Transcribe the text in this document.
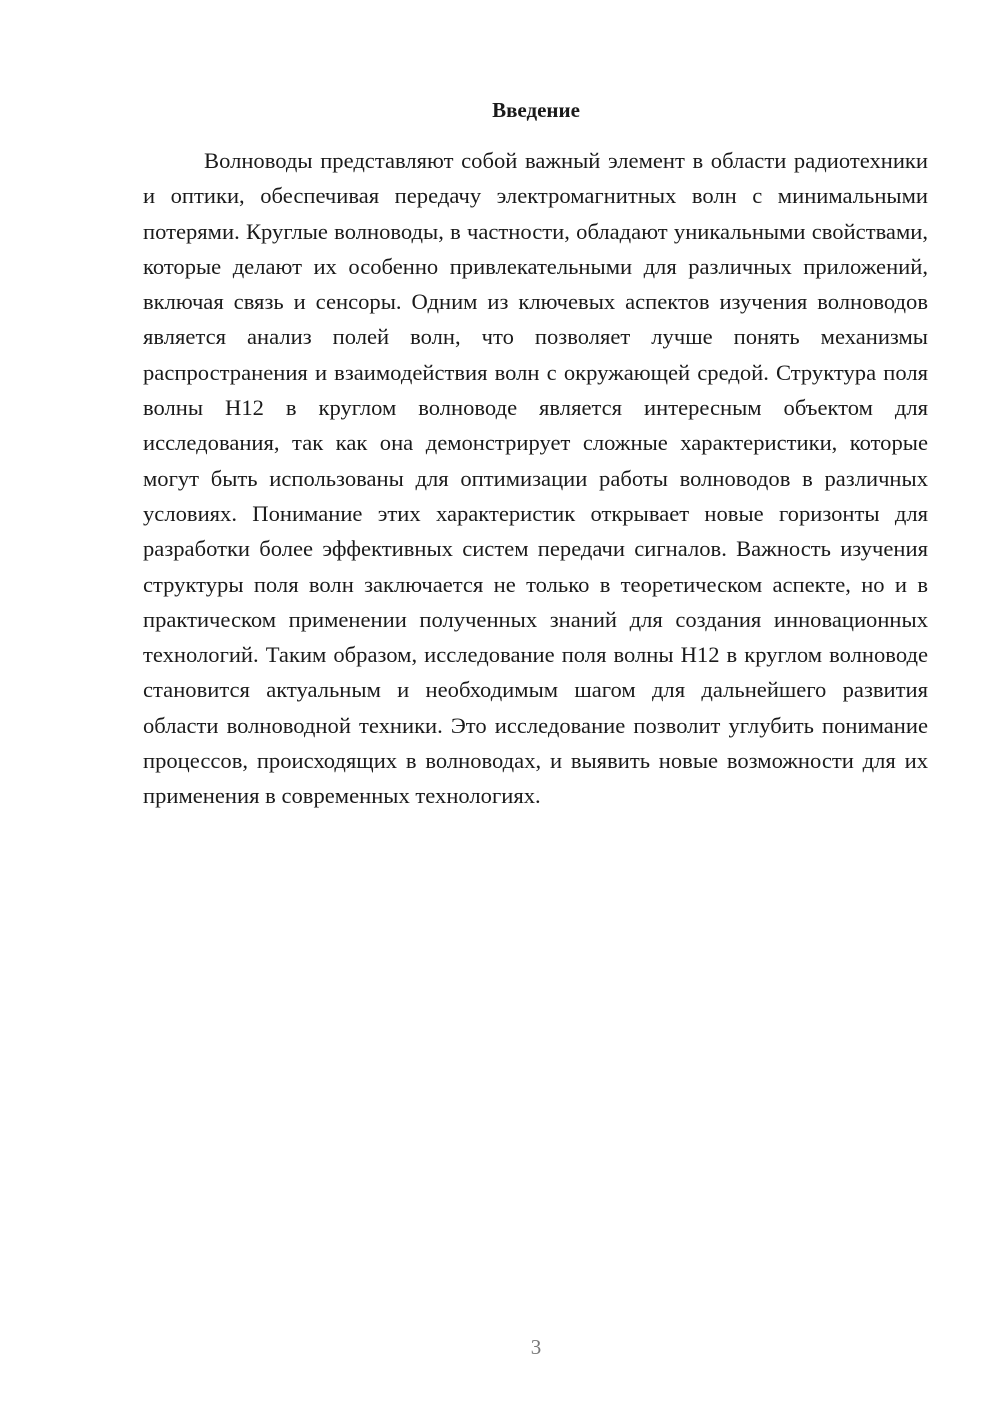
Введение

Волноводы представляют собой важный элемент в области радиотехники и оптики, обеспечивая передачу электромагнитных волн с минимальными потерями. Круглые волноводы, в частности, обладают уникальными свойствами, которые делают их особенно привлекательными для различных приложений, включая связь и сенсоры. Одним из ключевых аспектов изучения волноводов является анализ полей волн, что позволяет лучше понять механизмы распространения и взаимодействия волн с окружающей средой. Структура поля волны H12 в круглом волноводе является интересным объектом для исследования, так как она демонстрирует сложные характеристики, которые могут быть использованы для оптимизации работы волноводов в различных условиях. Понимание этих характеристик открывает новые горизонты для разработки более эффективных систем передачи сигналов. Важность изучения структуры поля волн заключается не только в теоретическом аспекте, но и в практическом применении полученных знаний для создания инновационных технологий. Таким образом, исследование поля волны H12 в круглом волноводе становится актуальным и необходимым шагом для дальнейшего развития области волноводной техники. Это исследование позволит углубить понимание процессов, происходящих в волноводах, и выявить новые возможности для их применения в современных технологиях.

3
